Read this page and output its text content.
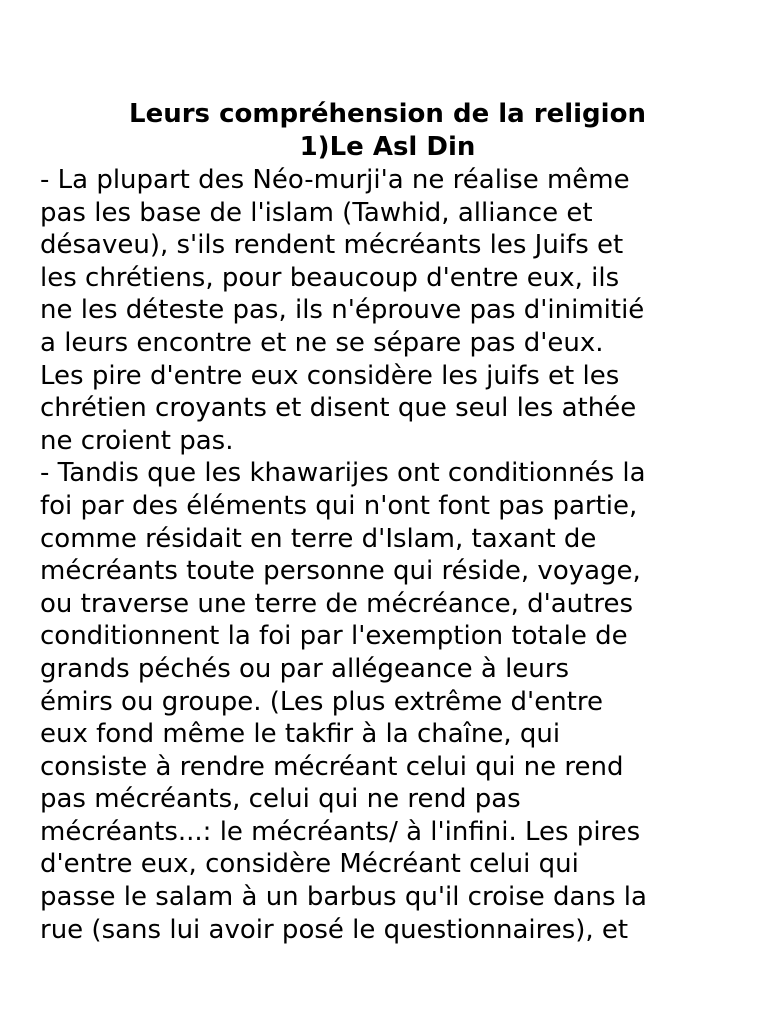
Leurs compréhension de la religion
1)Le Asl Din

- La plupart des Néo-murji'a ne réalise même

pas les base de l'islam (Tawhid, alliance et

désaveu), s'ils rendent mécréants les Juifs et

les chrétiens, pour beaucoup d'entre eux, ils

ne les déteste pas, ils n'éprouve pas d'inimitié

a leurs encontre et ne se sépare pas d'eux.

Les pire d'entre eux considère les juifs et les

chrétien croyants et disent que seul les athée

ne croient pas.

- Tandis que les khawarijes ont conditionnés la

foi par des éléments qui n'ont font pas partie,

comme résidait en terre d'Islam, taxant de

mécréants toute personne qui réside, voyage,

ou traverse une terre de mécréance, d'autres

conditionnent la foi par l'exemption totale de

grands péchés ou par allégeance à leurs

émirs ou groupe. (Les plus extrême d'entre

eux fond même le takfir à la chaîne, qui

consiste à rendre mécréant celui qui ne rend

pas mécréants, celui qui ne rend pas

mécréants...: le mécréants/ à l'infini. Les pires

d'entre eux, considère Mécréant celui qui

passe le salam à un barbus qu'il croise dans la

rue (sans lui avoir posé le questionnaires), et
